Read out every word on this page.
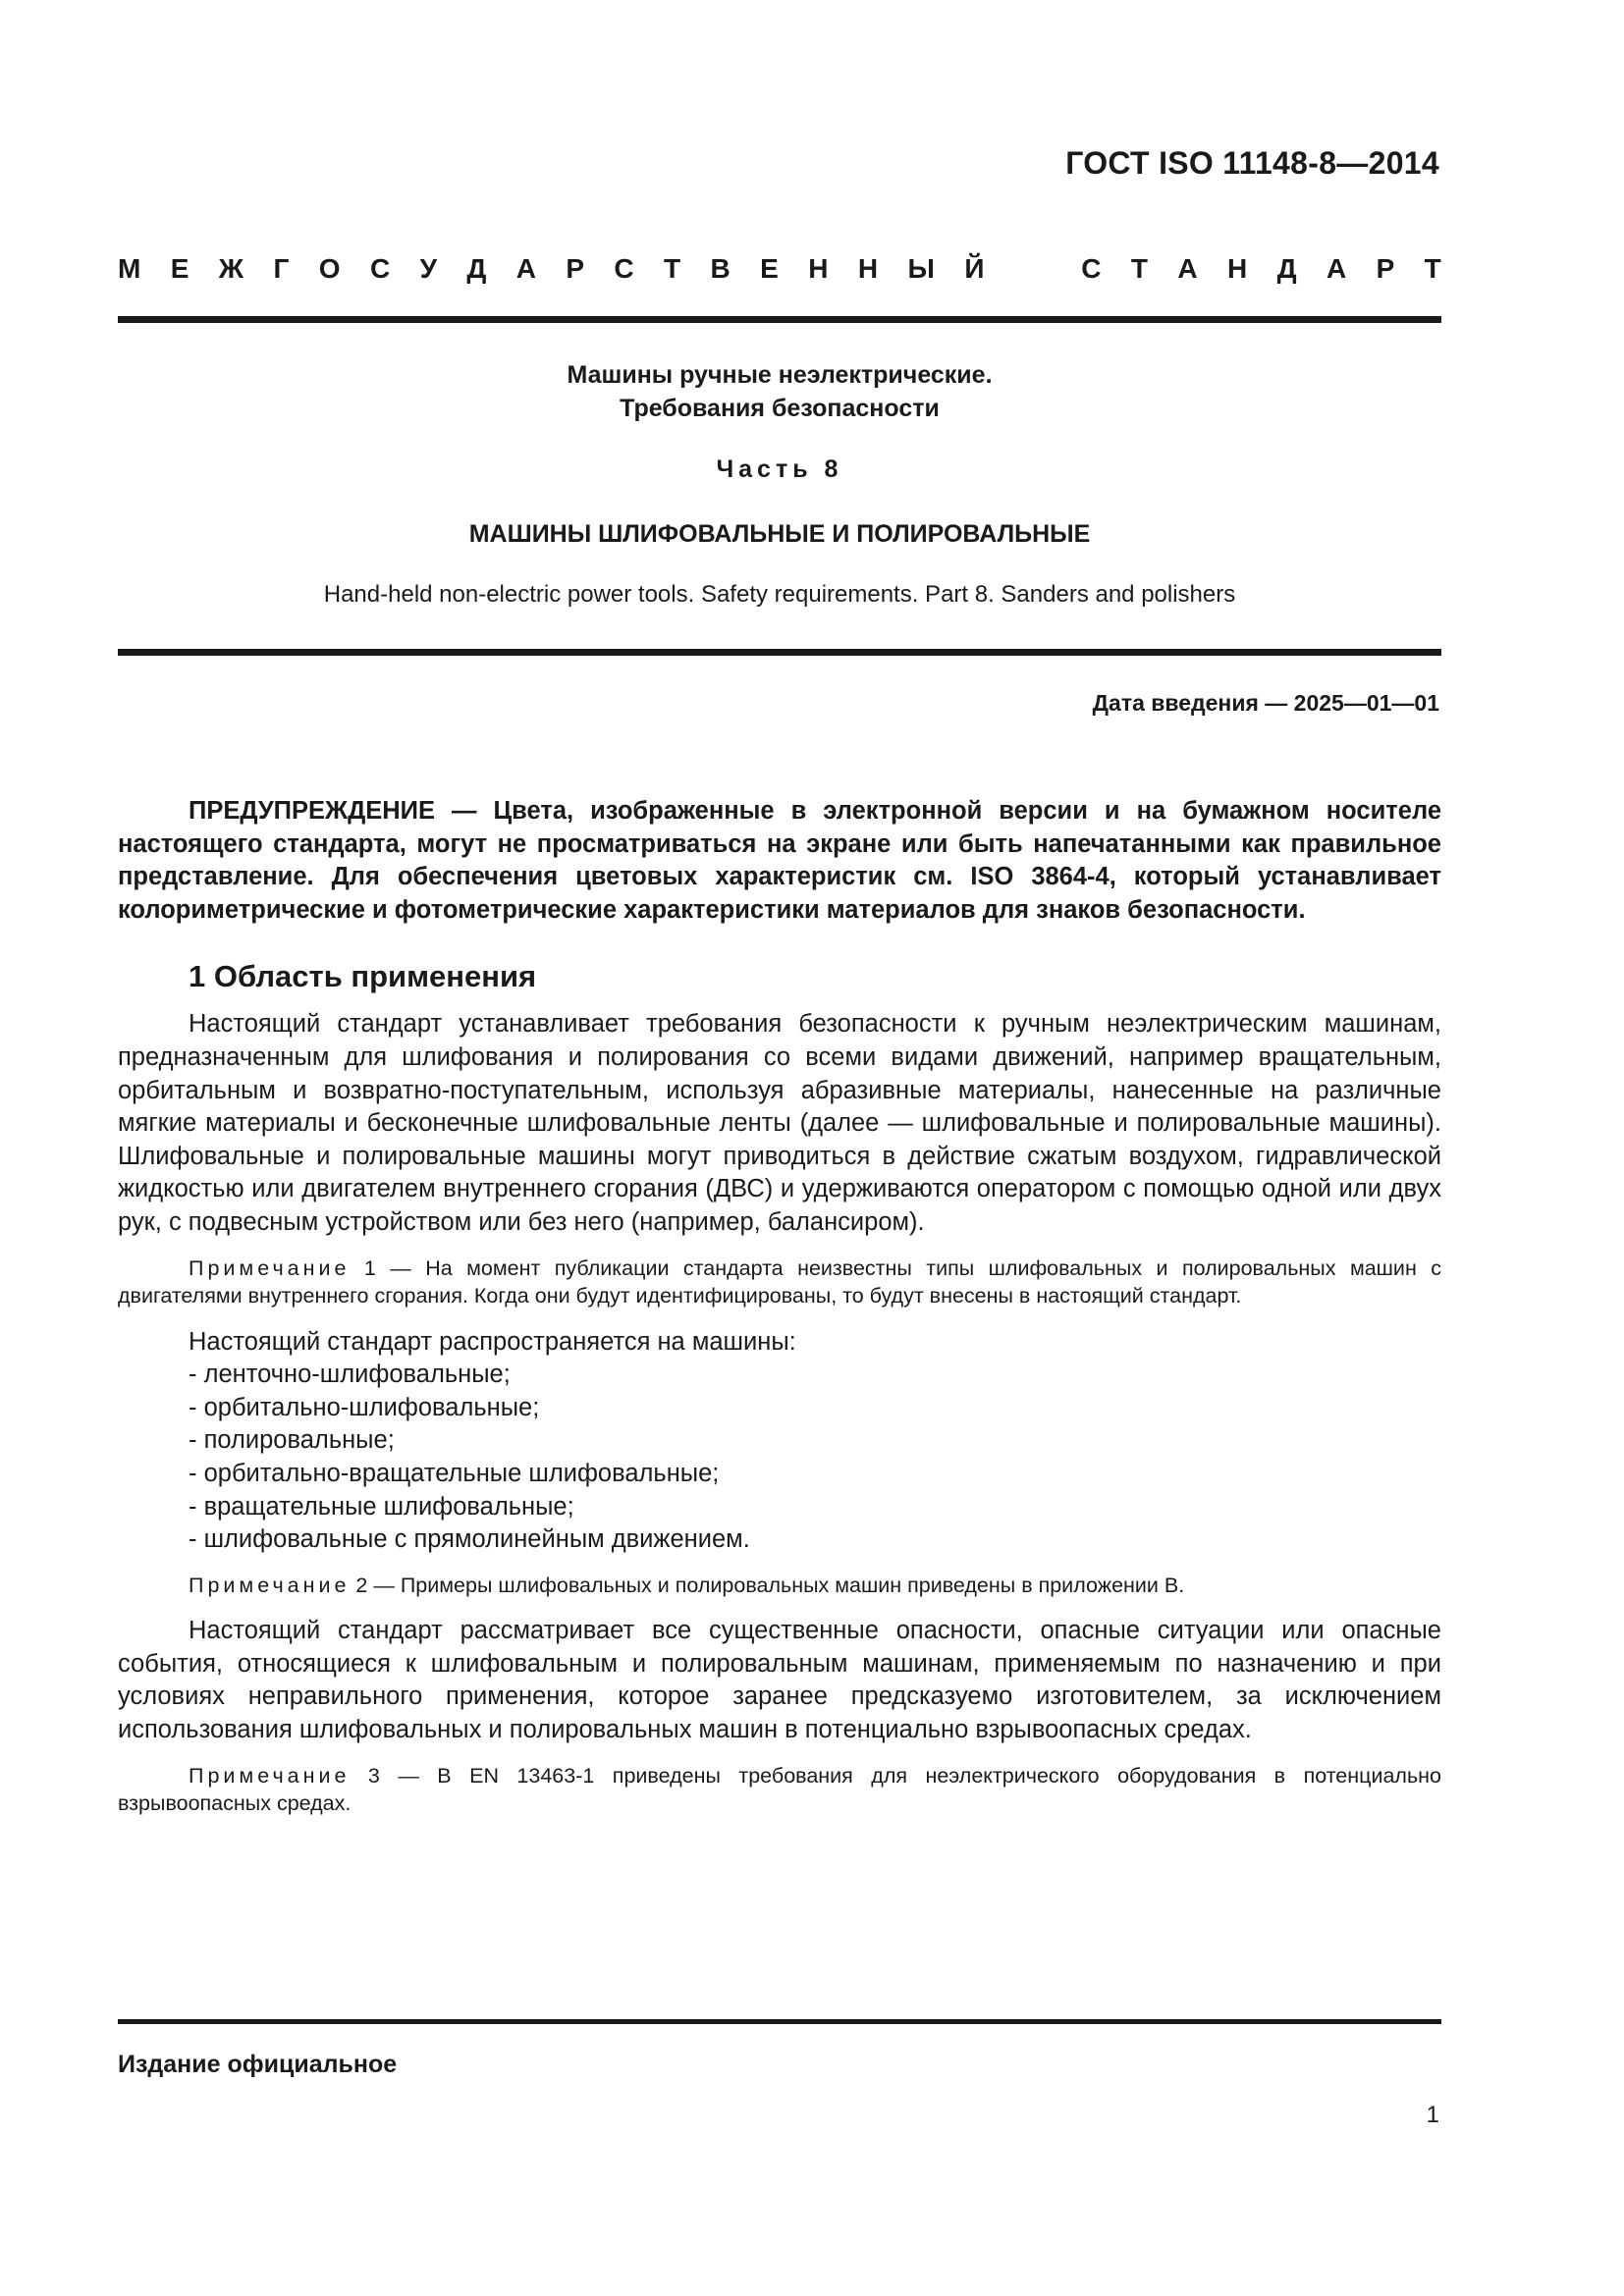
ГОСТ ISO 11148-8—2014
М Е Ж Г О С У Д А Р С Т В Е Н Н Ы Й	С Т А Н Д А Р Т
Машины ручные неэлектрические.
Требования безопасности
Часть 8
МАШИНЫ ШЛИФОВАЛЬНЫЕ И ПОЛИРОВАЛЬНЫЕ
Hand-held non-electric power tools. Safety requirements. Part 8. Sanders and polishers
Дата введения — 2025—01—01

ПРЕДУПРЕЖДЕНИЕ — Цвета, изображенные в электронной версии и на бумажном носителе настоящего стандарта, могут не просматриваться на экране или быть напечатанными как правильное представление. Для обеспечения цветовых характеристик см. ISO 3864-4, который устанавливает колориметрические и фотометрические характеристики материалов для знаков безопасности.

1 Область применения

Настоящий стандарт устанавливает требования безопасности к ручным неэлектрическим машинам, предназначенным для шлифования и полирования со всеми видами движений, например вращательным, орбитальным и возвратно-поступательным, используя абразивные материалы, нанесенные на различные мягкие материалы и бесконечные шлифовальные ленты (далее — шлифовальные и полировальные машины). Шлифовальные и полировальные машины могут приводиться в действие сжатым воздухом, гидравлической жидкостью или двигателем внутреннего сгорания (ДВС) и удерживаются оператором с помощью одной или двух рук, с подвесным устройством или без него (например, балансиром).

Примечание 1 — На момент публикации стандарта неизвестны типы шлифовальных и полировальных машин с двигателями внутреннего сгорания. Когда они будут идентифицированы, то будут внесены в настоящий стандарт.

Настоящий стандарт распространяется на машины:

- ленточно-шлифовальные;
- орбитально-шлифовальные;
- полировальные;
- орбитально-вращательные шлифовальные;
- вращательные шлифовальные;
- шлифовальные с прямолинейным движением.

Примечание 2 — Примеры шлифовальных и полировальных машин приведены в приложении В.

Настоящий стандарт рассматривает все существенные опасности, опасные ситуации или опасные события, относящиеся к шлифовальным и полировальным машинам, применяемым по назначению и при условиях неправильного применения, которое заранее предсказуемо изготовителем, за исключением использования шлифовальных и полировальных машин в потенциально взрывоопасных средах.

Примечание 3 — В EN 13463-1 приведены требования для неэлектрического оборудования в потенциально взрывоопасных средах.

Издание официальное
1
